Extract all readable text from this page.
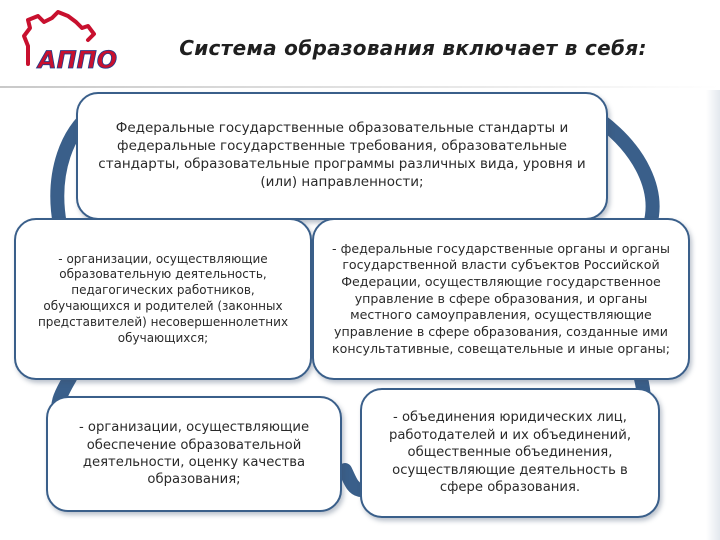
АППО	Система образования включает в себя:
Федеральные государственные образовательные стандарты и федеральные государственные требования, образовательные стандарты, образовательные программы различных вида, уровня и (или) направленности;
- организации, осуществляющие образовательную деятельность, педагогических работников, обучающихся и родителей (законных представителей) несовершеннолетних обучающихся;
- федеральные государственные органы и органы государственной власти субъектов Российской Федерации, осуществляющие государственное управление в сфере образования, и органы местного самоуправления, осуществляющие управление в сфере образования, созданные ими консультативные, совещательные и иные органы;
- организации, осуществляющие обеспечение образовательной деятельности, оценку качества образования;
- объединения юридических лиц, работодателей и их объединений, общественные объединения, осуществляющие деятельность в сфере образования.
